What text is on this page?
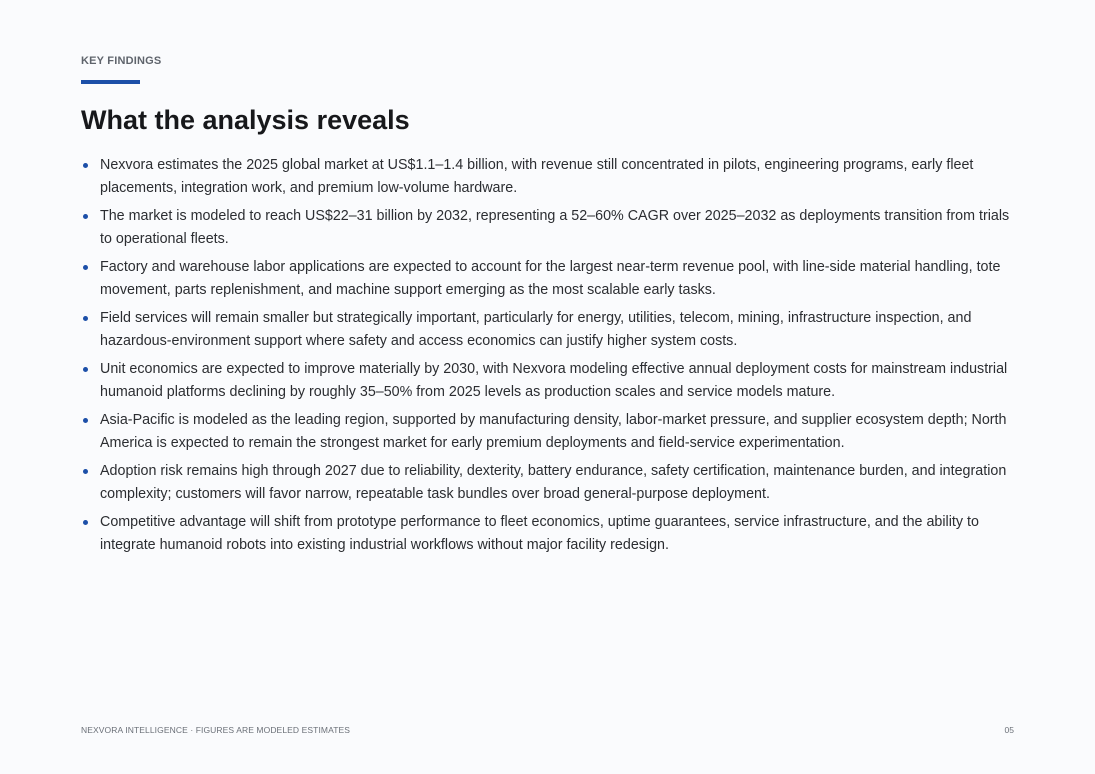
KEY FINDINGS
What the analysis reveals
Nexvora estimates the 2025 global market at US$1.1–1.4 billion, with revenue still concentrated in pilots, engineering programs, early fleet placements, integration work, and premium low-volume hardware.
The market is modeled to reach US$22–31 billion by 2032, representing a 52–60% CAGR over 2025–2032 as deployments transition from trials to operational fleets.
Factory and warehouse labor applications are expected to account for the largest near-term revenue pool, with line-side material handling, tote movement, parts replenishment, and machine support emerging as the most scalable early tasks.
Field services will remain smaller but strategically important, particularly for energy, utilities, telecom, mining, infrastructure inspection, and hazardous-environment support where safety and access economics can justify higher system costs.
Unit economics are expected to improve materially by 2030, with Nexvora modeling effective annual deployment costs for mainstream industrial humanoid platforms declining by roughly 35–50% from 2025 levels as production scales and service models mature.
Asia-Pacific is modeled as the leading region, supported by manufacturing density, labor-market pressure, and supplier ecosystem depth; North America is expected to remain the strongest market for early premium deployments and field-service experimentation.
Adoption risk remains high through 2027 due to reliability, dexterity, battery endurance, safety certification, maintenance burden, and integration complexity; customers will favor narrow, repeatable task bundles over broad general-purpose deployment.
Competitive advantage will shift from prototype performance to fleet economics, uptime guarantees, service infrastructure, and the ability to integrate humanoid robots into existing industrial workflows without major facility redesign.
NEXVORA INTELLIGENCE · FIGURES ARE MODELED ESTIMATES	05
